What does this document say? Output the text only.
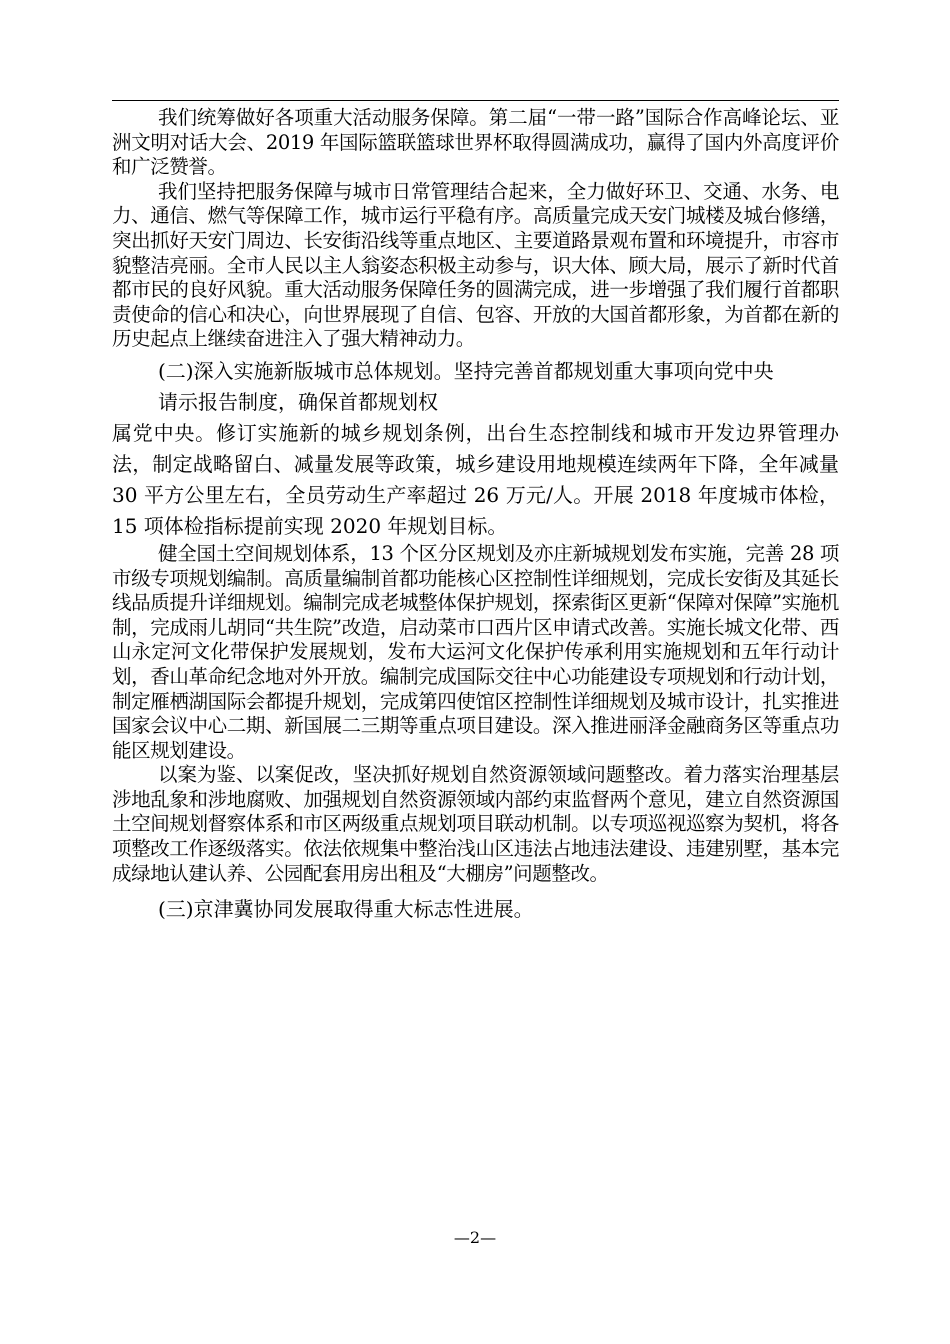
我们统筹做好各项重大活动服务保障。第二届“一带一路”国际合作高峰论坛、亚洲文明对话大会、2019 年国际篮联篮球世界杯取得圆满成功，赢得了国内外高度评价和广泛赞誉。

我们坚持把服务保障与城市日常管理结合起来，全力做好环卫、交通、水务、电力、通信、燃气等保障工作，城市运行平稳有序。高质量完成天安门城楼及城台修缮，突出抓好天安门周边、长安街沿线等重点地区、主要道路景观布置和环境提升，市容市貌整洁亮丽。全市人民以主人翁姿态积极主动参与，识大体、顾大局，展示了新时代首都市民的良好风貌。重大活动服务保障任务的圆满完成，进一步增强了我们履行首都职责使命的信心和决心，向世界展现了自信、包容、开放的大国首都形象，为首都在新的历史起点上继续奋进注入了强大精神动力。

(二)深入实施新版城市总体规划。坚持完善首都规划重大事项向党中央

请示报告制度，确保首都规划权

属党中央。修订实施新的城乡规划条例，出台生态控制线和城市开发边界管理办法，制定战略留白、减量发展等政策，城乡建设用地规模连续两年下降，全年减量 30 平方公里左右，全员劳动生产率超过 26 万元/人。开展 2018 年度城市体检，15 项体检指标提前实现 2020 年规划目标。

健全国土空间规划体系，13 个区分区规划及亦庄新城规划发布实施，完善 28 项市级专项规划编制。高质量编制首都功能核心区控制性详细规划，完成长安街及其延长线品质提升详细规划。编制完成老城整体保护规划，探索街区更新“保障对保障”实施机制，完成雨儿胡同“共生院”改造，启动菜市口西片区申请式改善。实施长城文化带、西山永定河文化带保护发展规划，发布大运河文化保护传承利用实施规划和五年行动计划，香山革命纪念地对外开放。编制完成国际交往中心功能建设专项规划和行动计划，制定雁栖湖国际会都提升规划，完成第四使馆区控制性详细规划及城市设计，扎实推进国家会议中心二期、新国展二三期等重点项目建设。深入推进丽泽金融商务区等重点功能区规划建设。

以案为鉴、以案促改，坚决抓好规划自然资源领域问题整改。着力落实治理基层涉地乱象和涉地腐败、加强规划自然资源领域内部约束监督两个意见，建立自然资源国土空间规划督察体系和市区两级重点规划项目联动机制。以专项巡视巡察为契机，将各项整改工作逐级落实。依法依规集中整治浅山区违法占地违法建设、违建别墅，基本完成绿地认建认养、公园配套用房出租及“大棚房”问题整改。

(三)京津冀协同发展取得重大标志性进展。

—2—
